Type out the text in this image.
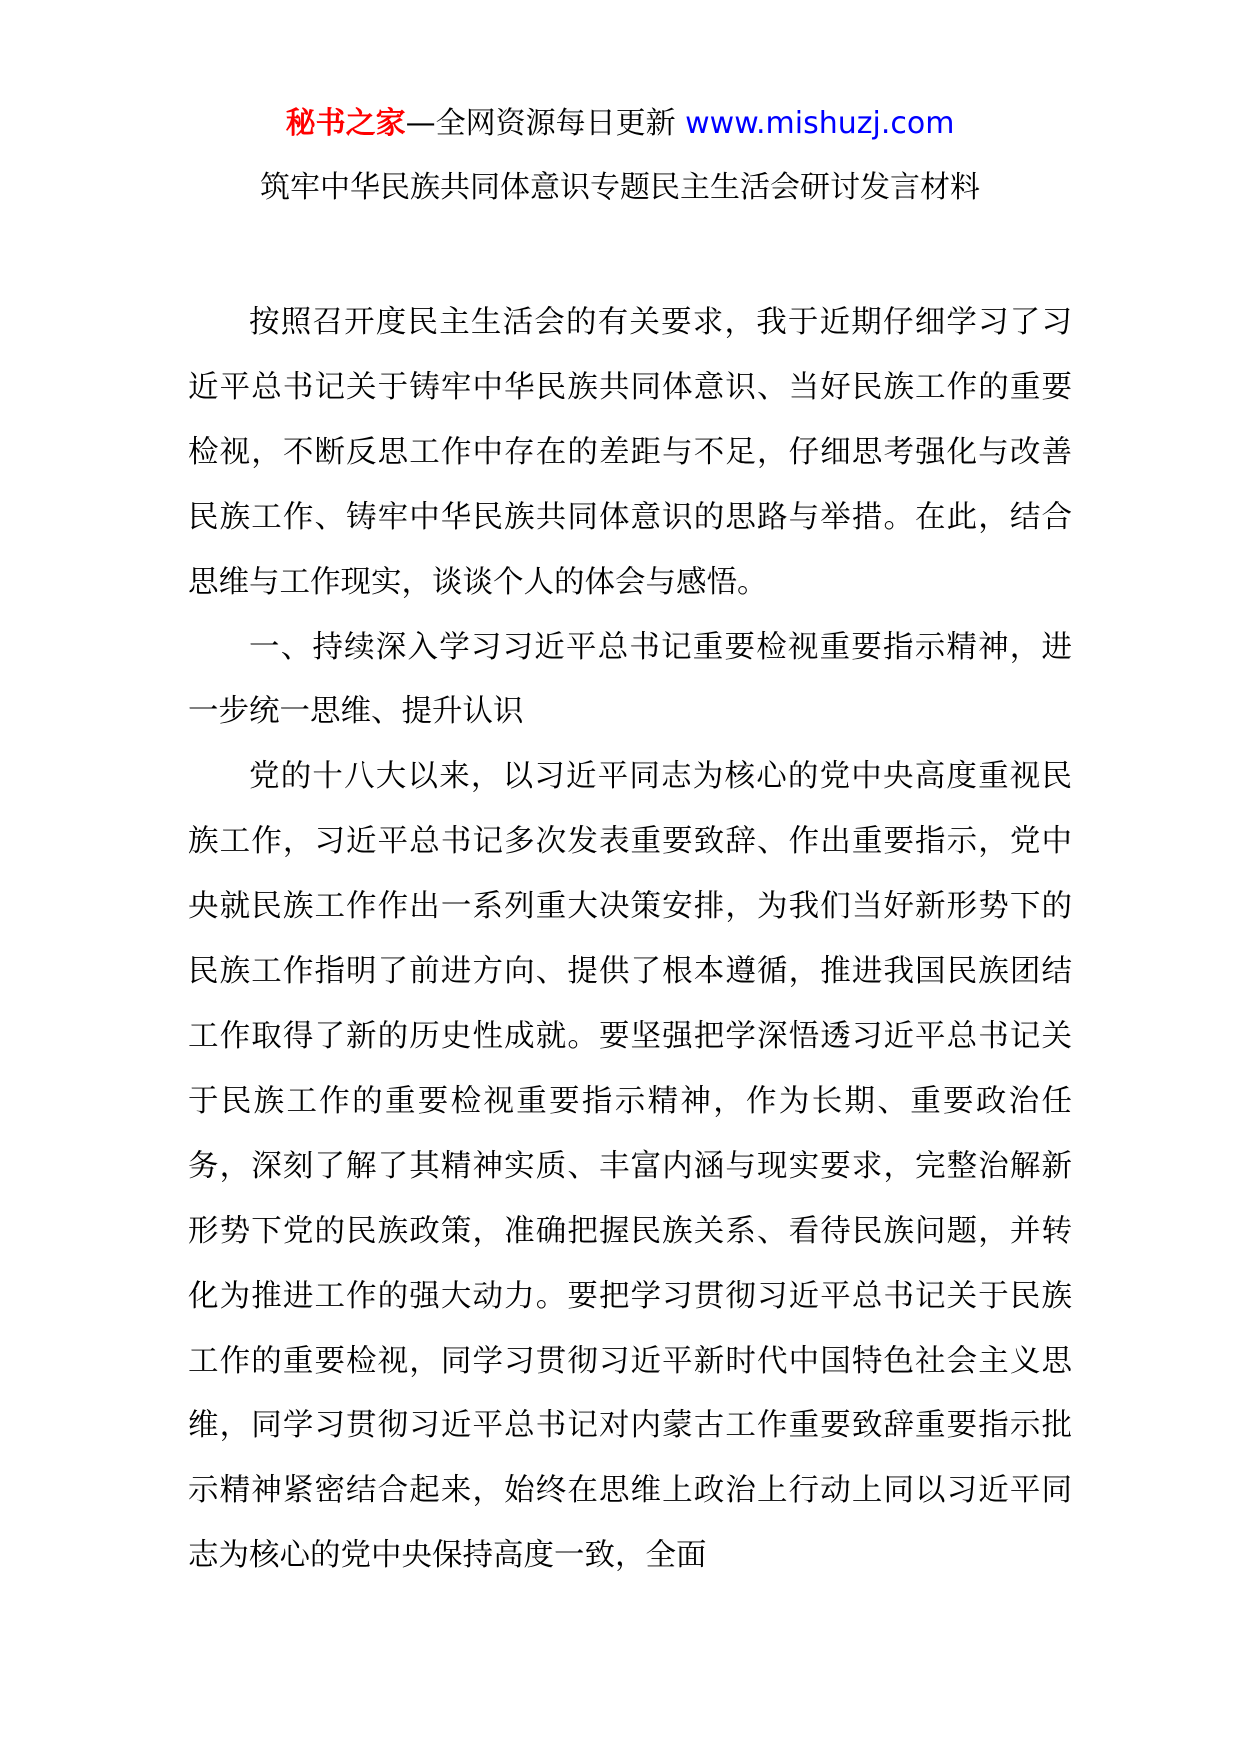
秘书之家—全网资源每日更新 www.mishuzj.com
筑牢中华民族共同体意识专题民主生活会研讨发言材料

按照召开度民主生活会的有关要求，我于近期仔细学习了习近平总书记关于铸牢中华民族共同体意识、当好民族工作的重要检视，不断反思工作中存在的差距与不足，仔细思考强化与改善民族工作、铸牢中华民族共同体意识的思路与举措。在此，结合思维与工作现实，谈谈个人的体会与感悟。

一、持续深入学习习近平总书记重要检视重要指示精神，进一步统一思维、提升认识

党的十八大以来，以习近平同志为核心的党中央高度重视民族工作，习近平总书记多次发表重要致辞、作出重要指示，党中央就民族工作作出一系列重大决策安排，为我们当好新形势下的民族工作指明了前进方向、提供了根本遵循，推进我国民族团结工作取得了新的历史性成就。要坚强把学深悟透习近平总书记关于民族工作的重要检视重要指示精神，作为长期、重要政治任务，深刻了解了其精神实质、丰富内涵与现实要求，完整治解新形势下党的民族政策，准确把握民族关系、看待民族问题，并转化为推进工作的强大动力。要把学习贯彻习近平总书记关于民族工作的重要检视，同学习贯彻习近平新时代中国特色社会主义思维，同学习贯彻习近平总书记对内蒙古工作重要致辞重要指示批示精神紧密结合起来，始终在思维上政治上行动上同以习近平同志为核心的党中央保持高度一致，全面
